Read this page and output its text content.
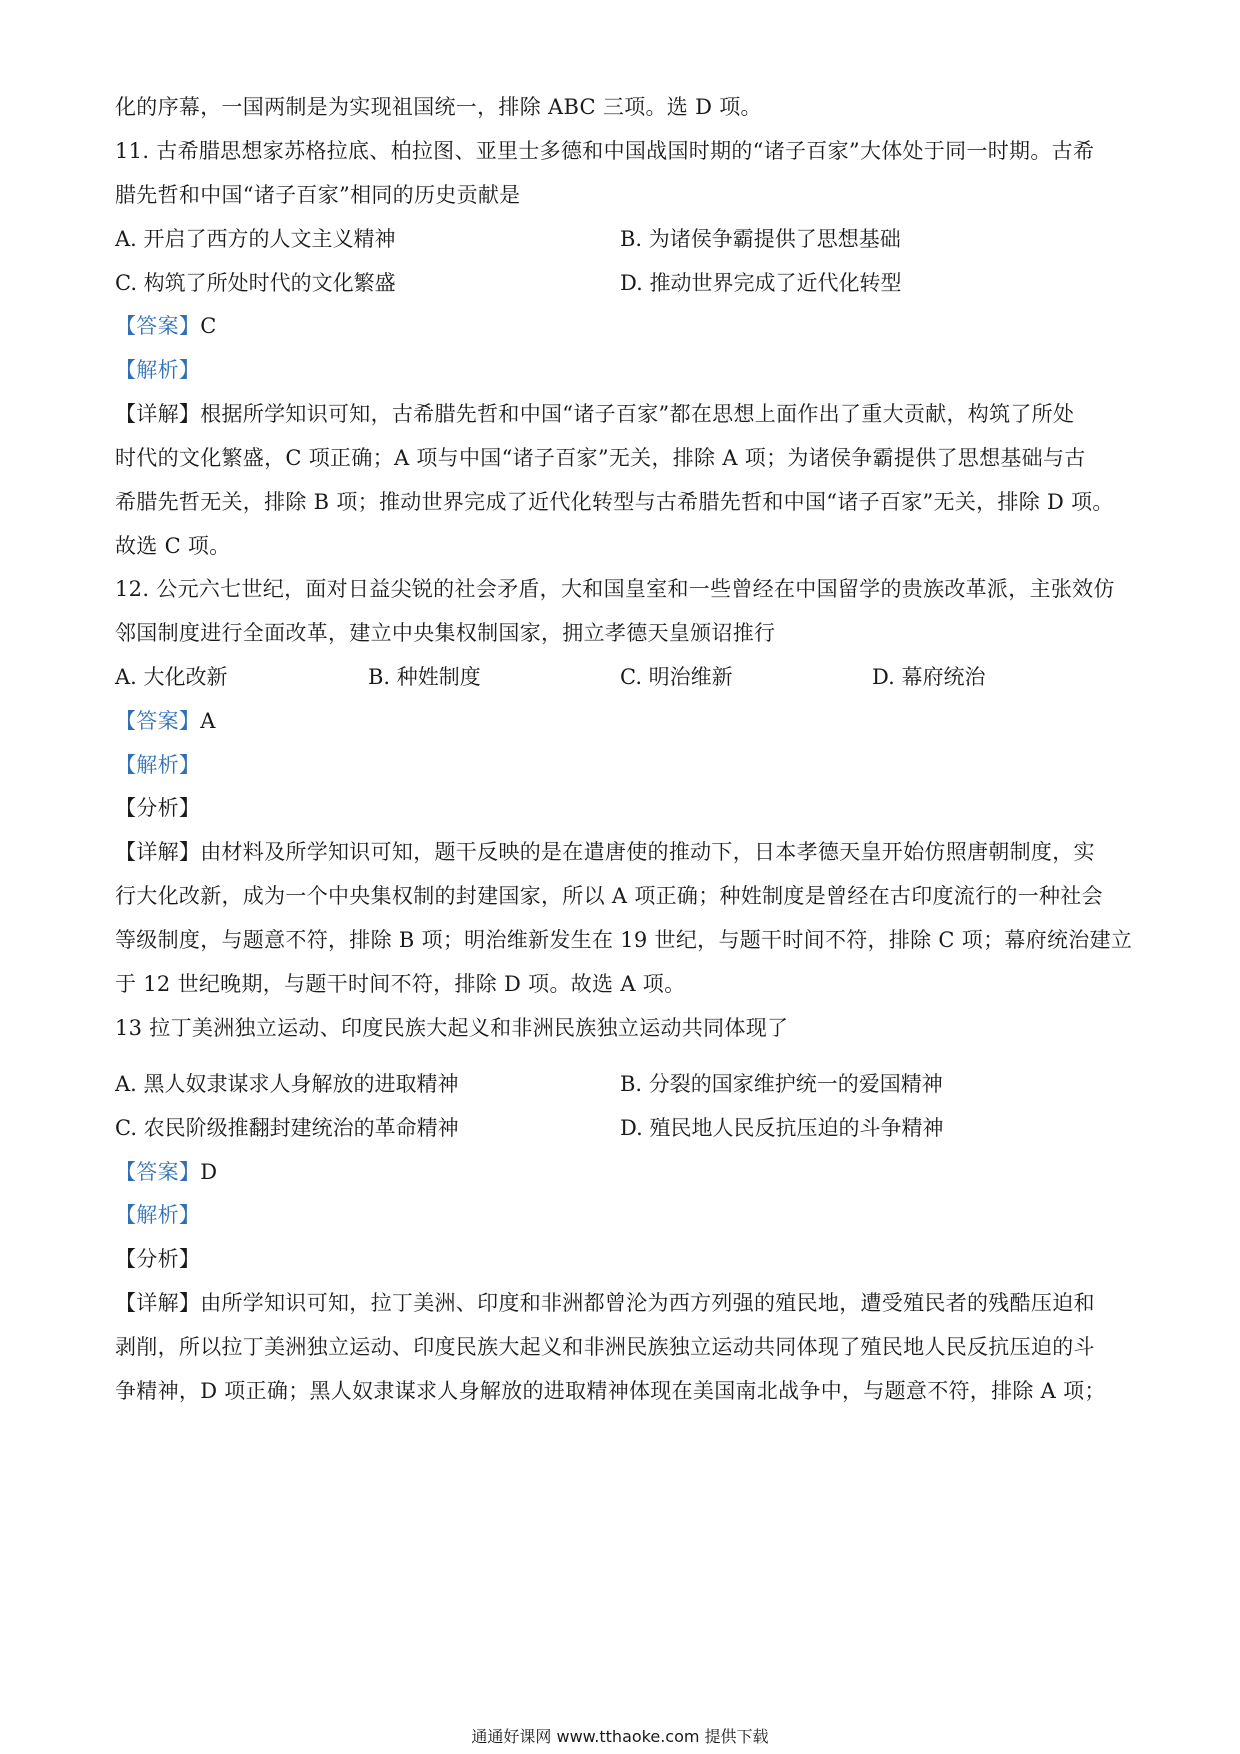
化的序幕，一国两制是为实现祖国统一，排除 ABC 三项。选 D 项。
11. 古希腊思想家苏格拉底、柏拉图、亚里士多德和中国战国时期的“诸子百家”大体处于同一时期。古希
腊先哲和中国“诸子百家”相同的历史贡献是
A. 开启了西方的人文主义精神	B. 为诸侯争霸提供了思想基础
C. 构筑了所处时代的文化繁盛	D. 推动世界完成了近代化转型
【答案】C
【解析】
【详解】根据所学知识可知，古希腊先哲和中国“诸子百家”都在思想上面作出了重大贡献，构筑了所处
时代的文化繁盛，C 项正确；A 项与中国“诸子百家”无关，排除 A 项；为诸侯争霸提供了思想基础与古
希腊先哲无关，排除 B 项；推动世界完成了近代化转型与古希腊先哲和中国“诸子百家”无关，排除 D 项。
故选 C 项。
12. 公元六七世纪，面对日益尖锐的社会矛盾，大和国皇室和一些曾经在中国留学的贵族改革派，主张效仿
邻国制度进行全面改革，建立中央集权制国家，拥立孝德天皇颁诏推行
A. 大化改新	B. 种姓制度	C. 明治维新	D. 幕府统治
【答案】A
【解析】
【分析】
【详解】由材料及所学知识可知，题干反映的是在遣唐使的推动下，日本孝德天皇开始仿照唐朝制度，实
行大化改新，成为一个中央集权制的封建国家，所以 A 项正确；种姓制度是曾经在古印度流行的一种社会
等级制度，与题意不符，排除 B 项；明治维新发生在 19 世纪，与题干时间不符，排除 C 项；幕府统治建立
于 12 世纪晚期，与题干时间不符，排除 D 项。故选 A 项。
13 拉丁美洲独立运动、印度民族大起义和非洲民族独立运动共同体现了
A. 黑人奴隶谋求人身解放的进取精神	B. 分裂的国家维护统一的爱国精神
C. 农民阶级推翻封建统治的革命精神	D. 殖民地人民反抗压迫的斗争精神
【答案】D
【解析】
【分析】
【详解】由所学知识可知，拉丁美洲、印度和非洲都曾沦为西方列强的殖民地，遭受殖民者的残酷压迫和
剥削，所以拉丁美洲独立运动、印度民族大起义和非洲民族独立运动共同体现了殖民地人民反抗压迫的斗
争精神，D 项正确；黑人奴隶谋求人身解放的进取精神体现在美国南北战争中，与题意不符，排除 A 项；
通通好课网 www.tthaoke.com 提供下载
